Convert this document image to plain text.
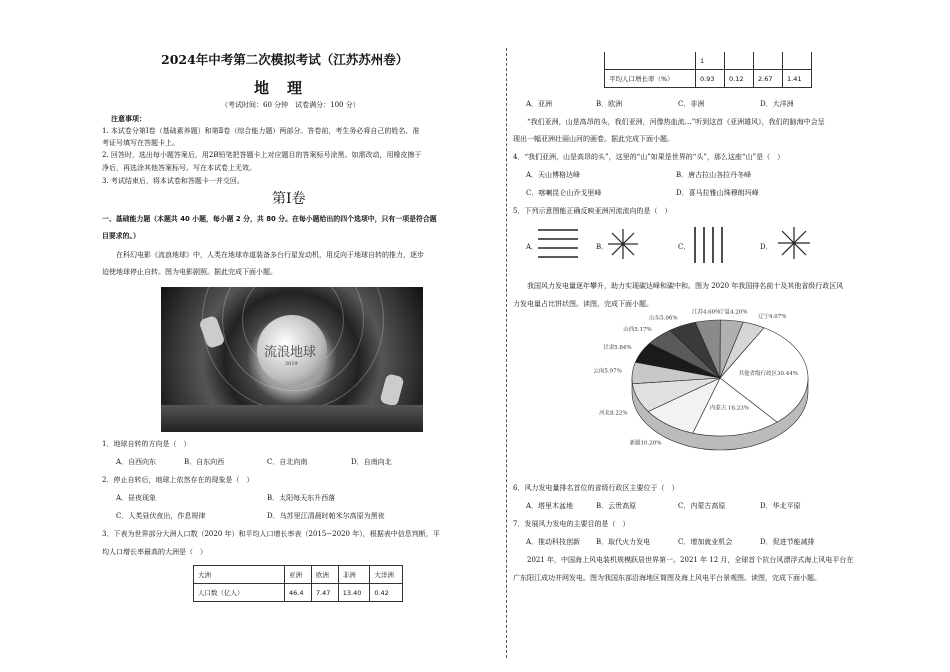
2024年中考第二次模拟考试（江苏苏州卷）
地理
（考试时间：60 分钟　试卷满分：100 分）
注意事项：
1. 本试卷分第Ⅰ卷（基础素养题）和第Ⅱ卷（综合能力题）两部分。答卷前，考生务必将自己的姓名、准
考证号填写在答题卡上。
2. 回答时，选出每小题答案后，用2B铅笔把答题卡上对应题目的答案标号涂黑。如需改动，用橡皮擦干
净后，再选涂其他答案标号。写在本试卷上无效。
3. 考试结束后，将本试卷和答题卡一并交回。
第Ⅰ卷
一、基础能力题（本题共 40 小题，每小题 2 分，共 80 分。在每小题给出的四个选项中，只有一项是符合题
目要求的。）
在科幻电影《流浪地球》中，人类在地球赤道装备多台行星发动机，用反向于地球自转的推力，逐步
迫使地球停止自转。图为电影剧照。据此完成下面小题。
流浪地球
2019
1．地球自转的方向是（　）
A．自西向东	B．自东向西	C．自北向南	D．自南向北
2．停止自转后，地球上依然存在的现象是（　）
A．昼夜现象	B．太阳每天东升西落
C．人类昼伏夜出，作息规律	D．乌苏里江清晨时帕米尔高原为黑夜
3．下表为世界部分大洲人口数（2020 年）和平均人口增长率表（2015−2020 年），根据表中信息判断，平
均人口增长率最高的大洲是（　）
大洲	亚洲	欧洲	非洲	大洋洲
人口数（亿人）	46.4	7.47	13.40	0.42
	1			
平均人口增长率（%）	0.93	0.12	2.67	1.41
A．亚洲	B．欧洲	C．非洲	D．大洋洲
“我们亚洲，山是高昂的头，我们亚洲，河像热血流…”听到这首《亚洲雄风》，我们的脑海中会呈
现出一幅亚洲壮丽山河的画卷。据此完成下面小题。
4．“我们亚洲，山是高昂的头”，这里的“山”如果是世界的“头”，那么这座“山”是（　）
A．天山博格达峰	B．唐古拉山各拉丹冬峰
C．喀喇昆仑山乔戈里峰	D．喜马拉雅山珠穆朗玛峰
5．下列示意图能正确反映亚洲河流流向的是（　）
A．	B．	C．	D．
我国风力发电量逐年攀升，助力实现碳达峰和碳中和。图为 2020 年我国排名前十及其他省级行政区风
力发电量占比饼状图。读图，完成下面小题。
其他省级行政区30.44%
内蒙古 16.23%
新疆10.20%
河北8.22%
云南5.97%
甘肃5.84%
山西5.17%
山东5.06%
江苏4.60%
宁夏4.20%
辽宁4.07%
6．风力发电量排名首位的省级行政区主要位于（　）
A．塔里木盆地	B．云贵高原	C．内蒙古高原	D．华北平原
7．发展风力发电的主要目的是（　）
A．推动科技创新 B．取代火力发电	C．增加就业机会	D．促进节能减排
2021 年，中国海上风电装机规模跃居世界第一。2021 年 12 月，全球首个抗台风漂浮式海上风电平台在
广东阳江成功并网发电。图为我国东部沿海地区简图及海上风电平台景观图。读图，完成下面小题。
